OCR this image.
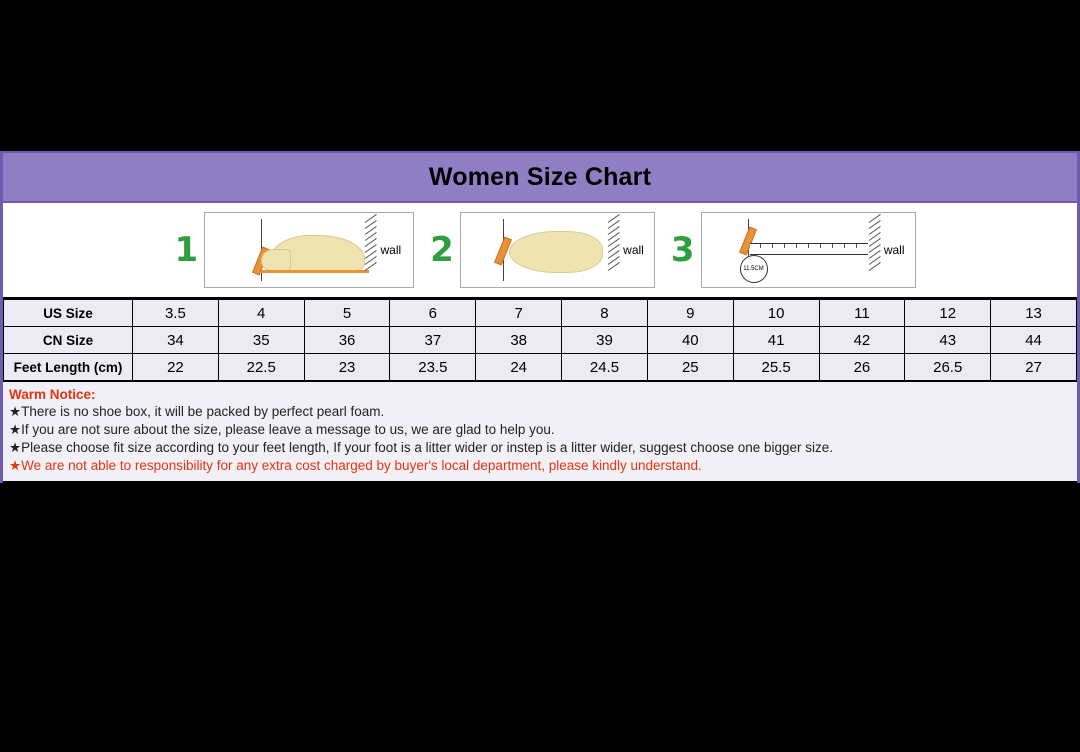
Women Size Chart
1	wall 2	wall 3	11.5CM
wall
US Size	3.5	4	5	6	7	8	9	10	11	12	13
CN Size	34	35	36	37	38	39	40	41	42	43	44
Feet Length (cm)	22	22.5	23	23.5	24	24.5	25	25.5	26	26.5	27
Warm Notice:
★There is no shoe box, it will be packed by perfect pearl foam.
★If you are not sure about the size, please leave a message to us, we are glad to help you.
★Please choose fit size according to your feet length, If your foot is a litter wider or instep is a litter wider, suggest choose one bigger size.
★We are not able to responsibility for any extra cost charged by buyer's local department, please kindly understand.
